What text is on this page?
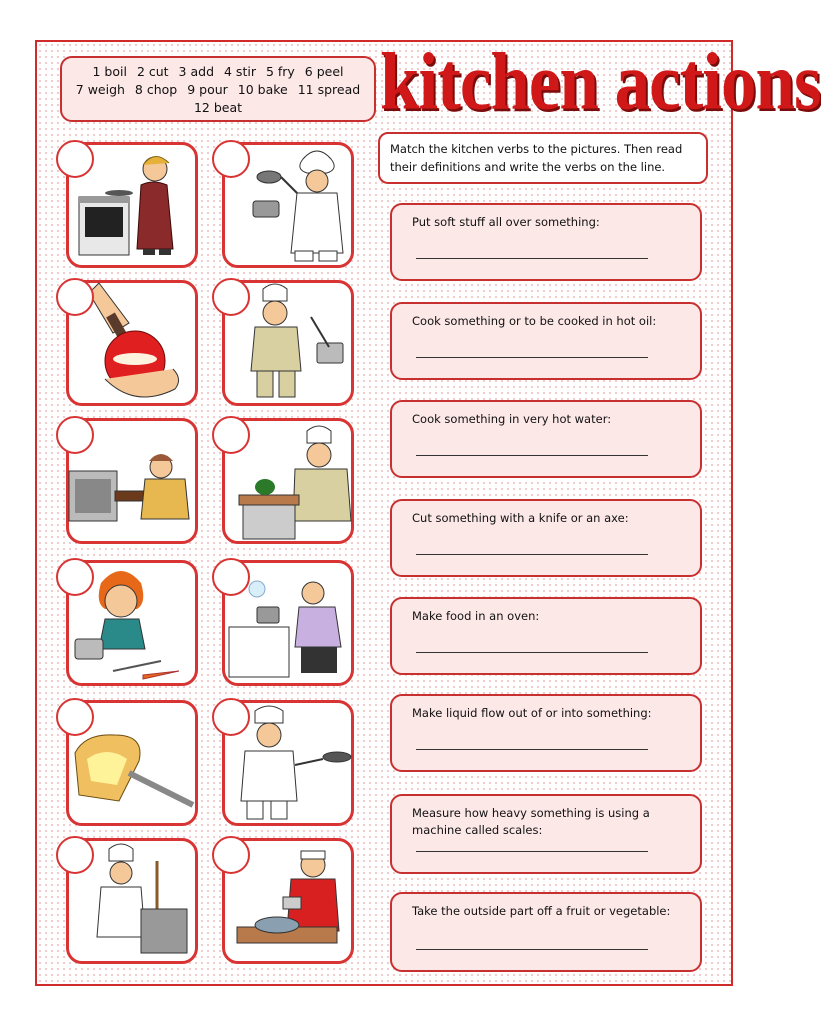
1 boil 2 cut 3 add 4 stir 5 fry 6 peel
7 weigh 8 chop 9 pour 10 bake 11 spread
12 beat	kitchen actions
Match the kitchen verbs to the pictures. Then read their definitions and write the verbs on the line.
Put soft stuff all over something:
Cook something or to be cooked in hot oil:
Cook something in very hot water:
Cut something with a knife or an axe:
Make food in an oven:
Make liquid flow out of or into something:
Measure how heavy something is using a machine called scales:
Take the outside part off a fruit or vegetable:
